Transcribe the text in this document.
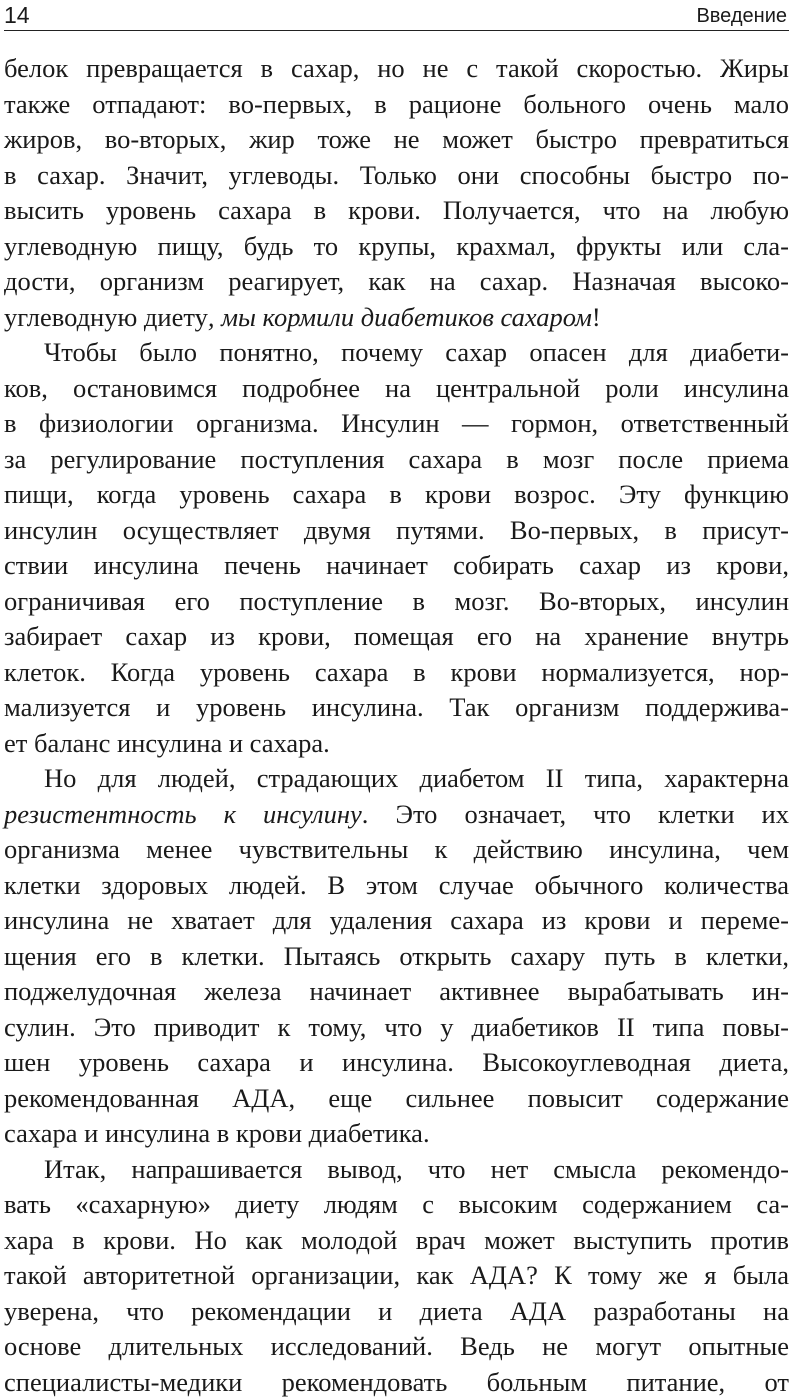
14	Введение

белок превращается в сахар, но не с такой скоростью. Жиры
также отпадают: во-первых, в рационе больного очень мало
жиров, во-вторых, жир тоже не может быстро превратиться
в сахар. Значит, углеводы. Только они способны быстро по-
высить уровень сахара в крови. Получается, что на любую
углеводную пищу, будь то крупы, крахмал, фрукты или сла-
дости, организм реагирует, как на сахар. Назначая высоко-
углеводную диету, мы кормили диабетиков сахаром!

Чтобы было понятно, почему сахар опасен для диабети-
ков, остановимся подробнее на центральной роли инсулина
в физиологии организма. Инсулин — гормон, ответственный
за регулирование поступления сахара в мозг после приема
пищи, когда уровень сахара в крови возрос. Эту функцию
инсулин осуществляет двумя путями. Во-первых, в присут-
ствии инсулина печень начинает собирать сахар из крови,
ограничивая его поступление в мозг. Во-вторых, инсулин
забирает сахар из крови, помещая его на хранение внутрь
клеток. Когда уровень сахара в крови нормализуется, нор-
мализуется и уровень инсулина. Так организм поддержива-
ет баланс инсулина и сахара.

Но для людей, страдающих диабетом II типа, характерна
резистентность к инсулину. Это означает, что клетки их
организма менее чувствительны к действию инсулина, чем
клетки здоровых людей. В этом случае обычного количества
инсулина не хватает для удаления сахара из крови и переме-
щения его в клетки. Пытаясь открыть сахару путь в клетки,
поджелудочная железа начинает активнее вырабатывать ин-
сулин. Это приводит к тому, что у диабетиков II типа повы-
шен уровень сахара и инсулина. Высокоуглеводная диета,
рекомендованная АДА, еще сильнее повысит содержание
сахара и инсулина в крови диабетика.

Итак, напрашивается вывод, что нет смысла рекомендо-
вать «сахарную» диету людям с высоким содержанием са-
хара в крови. Но как молодой врач может выступить против
такой авторитетной организации, как АДА? К тому же я была
уверена, что рекомендации и диета АДА разработаны на
основе длительных исследований. Ведь не могут опытные
специалисты-медики рекомендовать больным питание, от
